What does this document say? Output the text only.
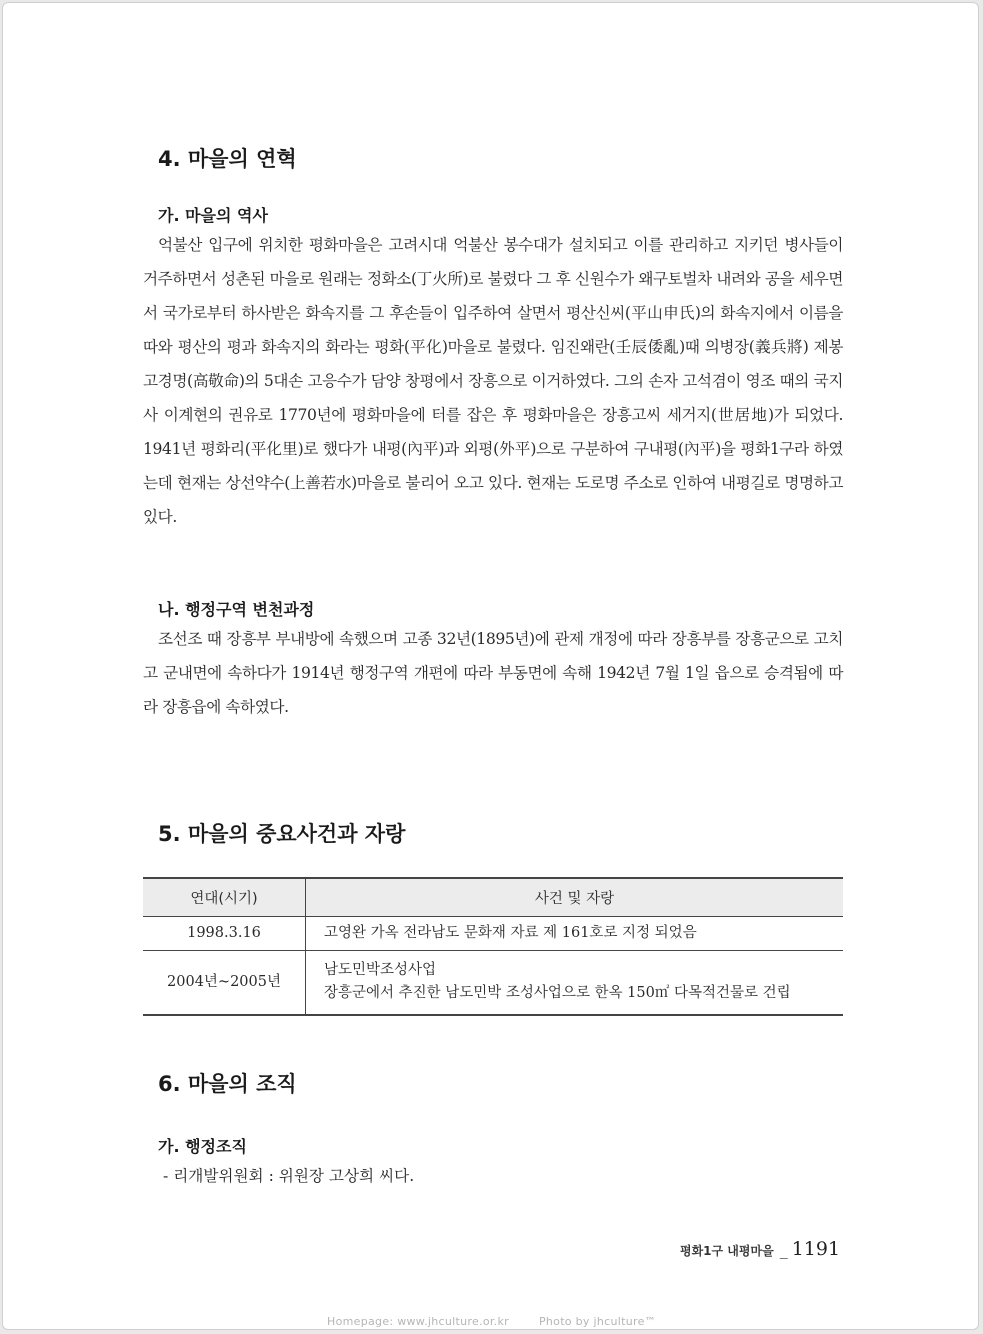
4. 마을의 연혁
가. 마을의 역사

억불산 입구에 위치한 평화마을은 고려시대 억불산 봉수대가 설치되고 이를 관리하고 지키던 병사들이 거주하면서 성촌된 마을로 원래는 정화소(丁火所)로 불렸다 그 후 신원수가 왜구토벌차 내려와 공을 세우면서 국가로부터 하사받은 화속지를 그 후손들이 입주하여 살면서 평산신씨(平山申氏)의 화속지에서 이름을 따와 평산의 평과 화속지의 화라는 평화(平化)마을로 불렸다. 임진왜란(壬辰倭亂)때 의병장(義兵將) 제봉 고경명(高敬命)의 5대손 고응수가 담양 창평에서 장흥으로 이거하였다. 그의 손자 고석겸이 영조 때의 국지사 이계현의 권유로 1770년에 평화마을에 터를 잡은 후 평화마을은 장흥고씨 세거지(世居地)가 되었다. 1941년 평화리(平化里)로 했다가 내평(內平)과 외평(外平)으로 구분하여 구내평(內平)을 평화1구라 하였는데 현재는 상선약수(上善若水)마을로 불리어 오고 있다. 현재는 도로명 주소로 인하여 내평길로 명명하고 있다.

나. 행정구역 변천과정

조선조 때 장흥부 부내방에 속했으며 고종 32년(1895년)에 관제 개정에 따라 장흥부를 장흥군으로 고치고 군내면에 속하다가 1914년 행정구역 개편에 따라 부동면에 속해 1942년 7월 1일 읍으로 승격됨에 따라 장흥읍에 속하였다.

5. 마을의 중요사건과 자랑
연대(시기)	사건 및 자랑
1998.3.16	고영완 가옥 전라남도 문화재 자료 제 161호로 지정 되었음
2004년~2005년	남도민박조성사업
장흥군에서 추진한 남도민박 조성사업으로 한옥 150㎡ 다목적건물로 건립
6. 마을의 조직
가. 행정조직

- 리개발위원회 : 위원장 고상희 씨다.

평화1구 내평마을 _ 1191
Homepage: www.jhculture.or.kr	Photo by jhculture™
